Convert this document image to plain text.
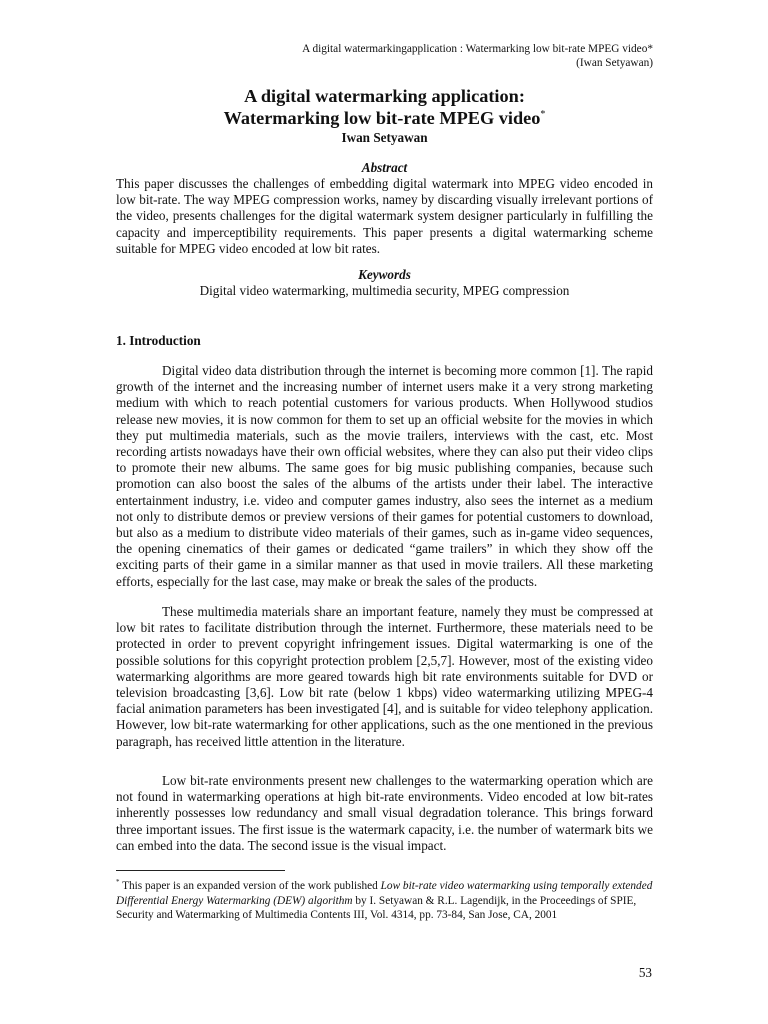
A digital watermarkingapplication : Watermarking low bit-rate MPEG video*
(Iwan Setyawan)
A digital watermarking application:
Watermarking low bit-rate MPEG video*
Iwan Setyawan
Abstract

This paper discusses the challenges of embedding digital watermark into MPEG video encoded in low bit-rate. The way MPEG compression works, namey by discarding visually irrelevant portions of the video, presents challenges for the digital watermark system designer particularly in fulfilling the capacity and imperceptibility requirements. This paper presents a digital watermarking scheme suitable for MPEG video encoded at low bit rates.

Keywords
Digital video watermarking, multimedia security, MPEG compression
1. Introduction

Digital video data distribution through the internet is becoming more common [1]. The rapid growth of the internet and the increasing number of internet users make it a very strong marketing medium with which to reach potential customers for various products. When Hollywood studios release new movies, it is now common for them to set up an official website for the movies in which they put multimedia materials, such as the movie trailers, interviews with the cast, etc. Most recording artists nowadays have their own official websites, where they can also put their video clips to promote their new albums. The same goes for big music publishing companies, because such promotion can also boost the sales of the albums of the artists under their label. The interactive entertainment industry, i.e. video and computer games industry, also sees the internet as a medium not only to distribute demos or preview versions of their games for potential customers to download, but also as a medium to distribute video materials of their games, such as in-game video sequences, the opening cinematics of their games or dedicated “game trailers” in which they show off the exciting parts of their game in a similar manner as that used in movie trailers. All these marketing efforts, especially for the last case, may make or break the sales of the products.

These multimedia materials share an important feature, namely they must be compressed at low bit rates to facilitate distribution through the internet. Furthermore, these materials need to be protected in order to prevent copyright infringement issues. Digital watermarking is one of the possible solutions for this copyright protection problem [2,5,7]. However, most of the existing video watermarking algorithms are more geared towards high bit rate environments suitable for DVD or television broadcasting [3,6]. Low bit rate (below 1 kbps) video watermarking utilizing MPEG-4 facial animation parameters has been investigated [4], and is suitable for video telephony application. However, low bit-rate watermarking for other applications, such as the one mentioned in the previous paragraph, has received little attention in the literature.

Low bit-rate environments present new challenges to the watermarking operation which are not found in watermarking operations at high bit-rate environments. Video encoded at low bit-rates inherently possesses low redundancy and small visual degradation tolerance. This brings forward three important issues. The first issue is the watermark capacity, i.e. the number of watermark bits we can embed into the data. The second issue is the visual impact.

* This paper is an expanded version of the work published Low bit-rate video watermarking using temporally extended Differential Energy Watermarking (DEW) algorithm by I. Setyawan & R.L. Lagendijk, in the Proceedings of SPIE, Security and Watermarking of Multimedia Contents III, Vol. 4314, pp. 73-84, San Jose, CA, 2001
53
